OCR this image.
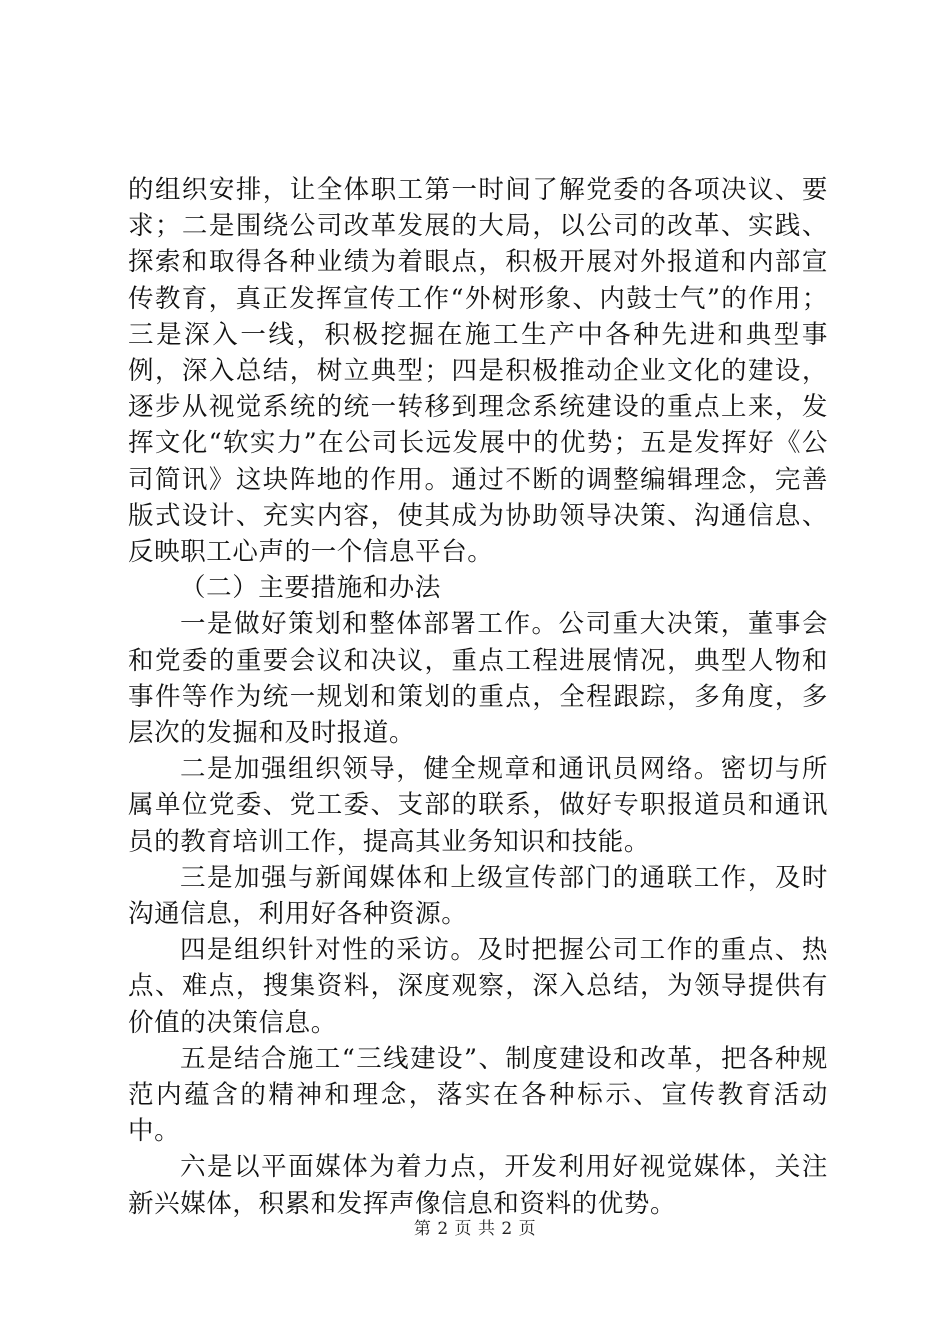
的组织安排，让全体职工第一时间了解党委的各项决议、要求；二是围绕公司改革发展的大局，以公司的改革、实践、探索和取得各种业绩为着眼点，积极开展对外报道和内部宣传教育，真正发挥宣传工作“外树形象、内鼓士气”的作用；三是深入一线，积极挖掘在施工生产中各种先进和典型事例，深入总结，树立典型；四是积极推动企业文化的建设，逐步从视觉系统的统一转移到理念系统建设的重点上来，发挥文化“软实力”在公司长远发展中的优势；五是发挥好《公司简讯》这块阵地的作用。通过不断的调整编辑理念，完善版式设计、充实内容，使其成为协助领导决策、沟通信息、反映职工心声的一个信息平台。

（二）主要措施和办法

一是做好策划和整体部署工作。公司重大决策，董事会和党委的重要会议和决议，重点工程进展情况，典型人物和事件等作为统一规划和策划的重点，全程跟踪，多角度，多层次的发掘和及时报道。

二是加强组织领导，健全规章和通讯员网络。密切与所属单位党委、党工委、支部的联系，做好专职报道员和通讯员的教育培训工作，提高其业务知识和技能。

三是加强与新闻媒体和上级宣传部门的通联工作，及时沟通信息，利用好各种资源。

四是组织针对性的采访。及时把握公司工作的重点、热点、难点，搜集资料，深度观察，深入总结，为领导提供有价值的决策信息。

五是结合施工“三线建设”、制度建设和改革，把各种规范内蕴含的精神和理念，落实在各种标示、宣传教育活动中。

六是以平面媒体为着力点，开发利用好视觉媒体，关注新兴媒体，积累和发挥声像信息和资料的优势。

第 2 页 共 2 页
